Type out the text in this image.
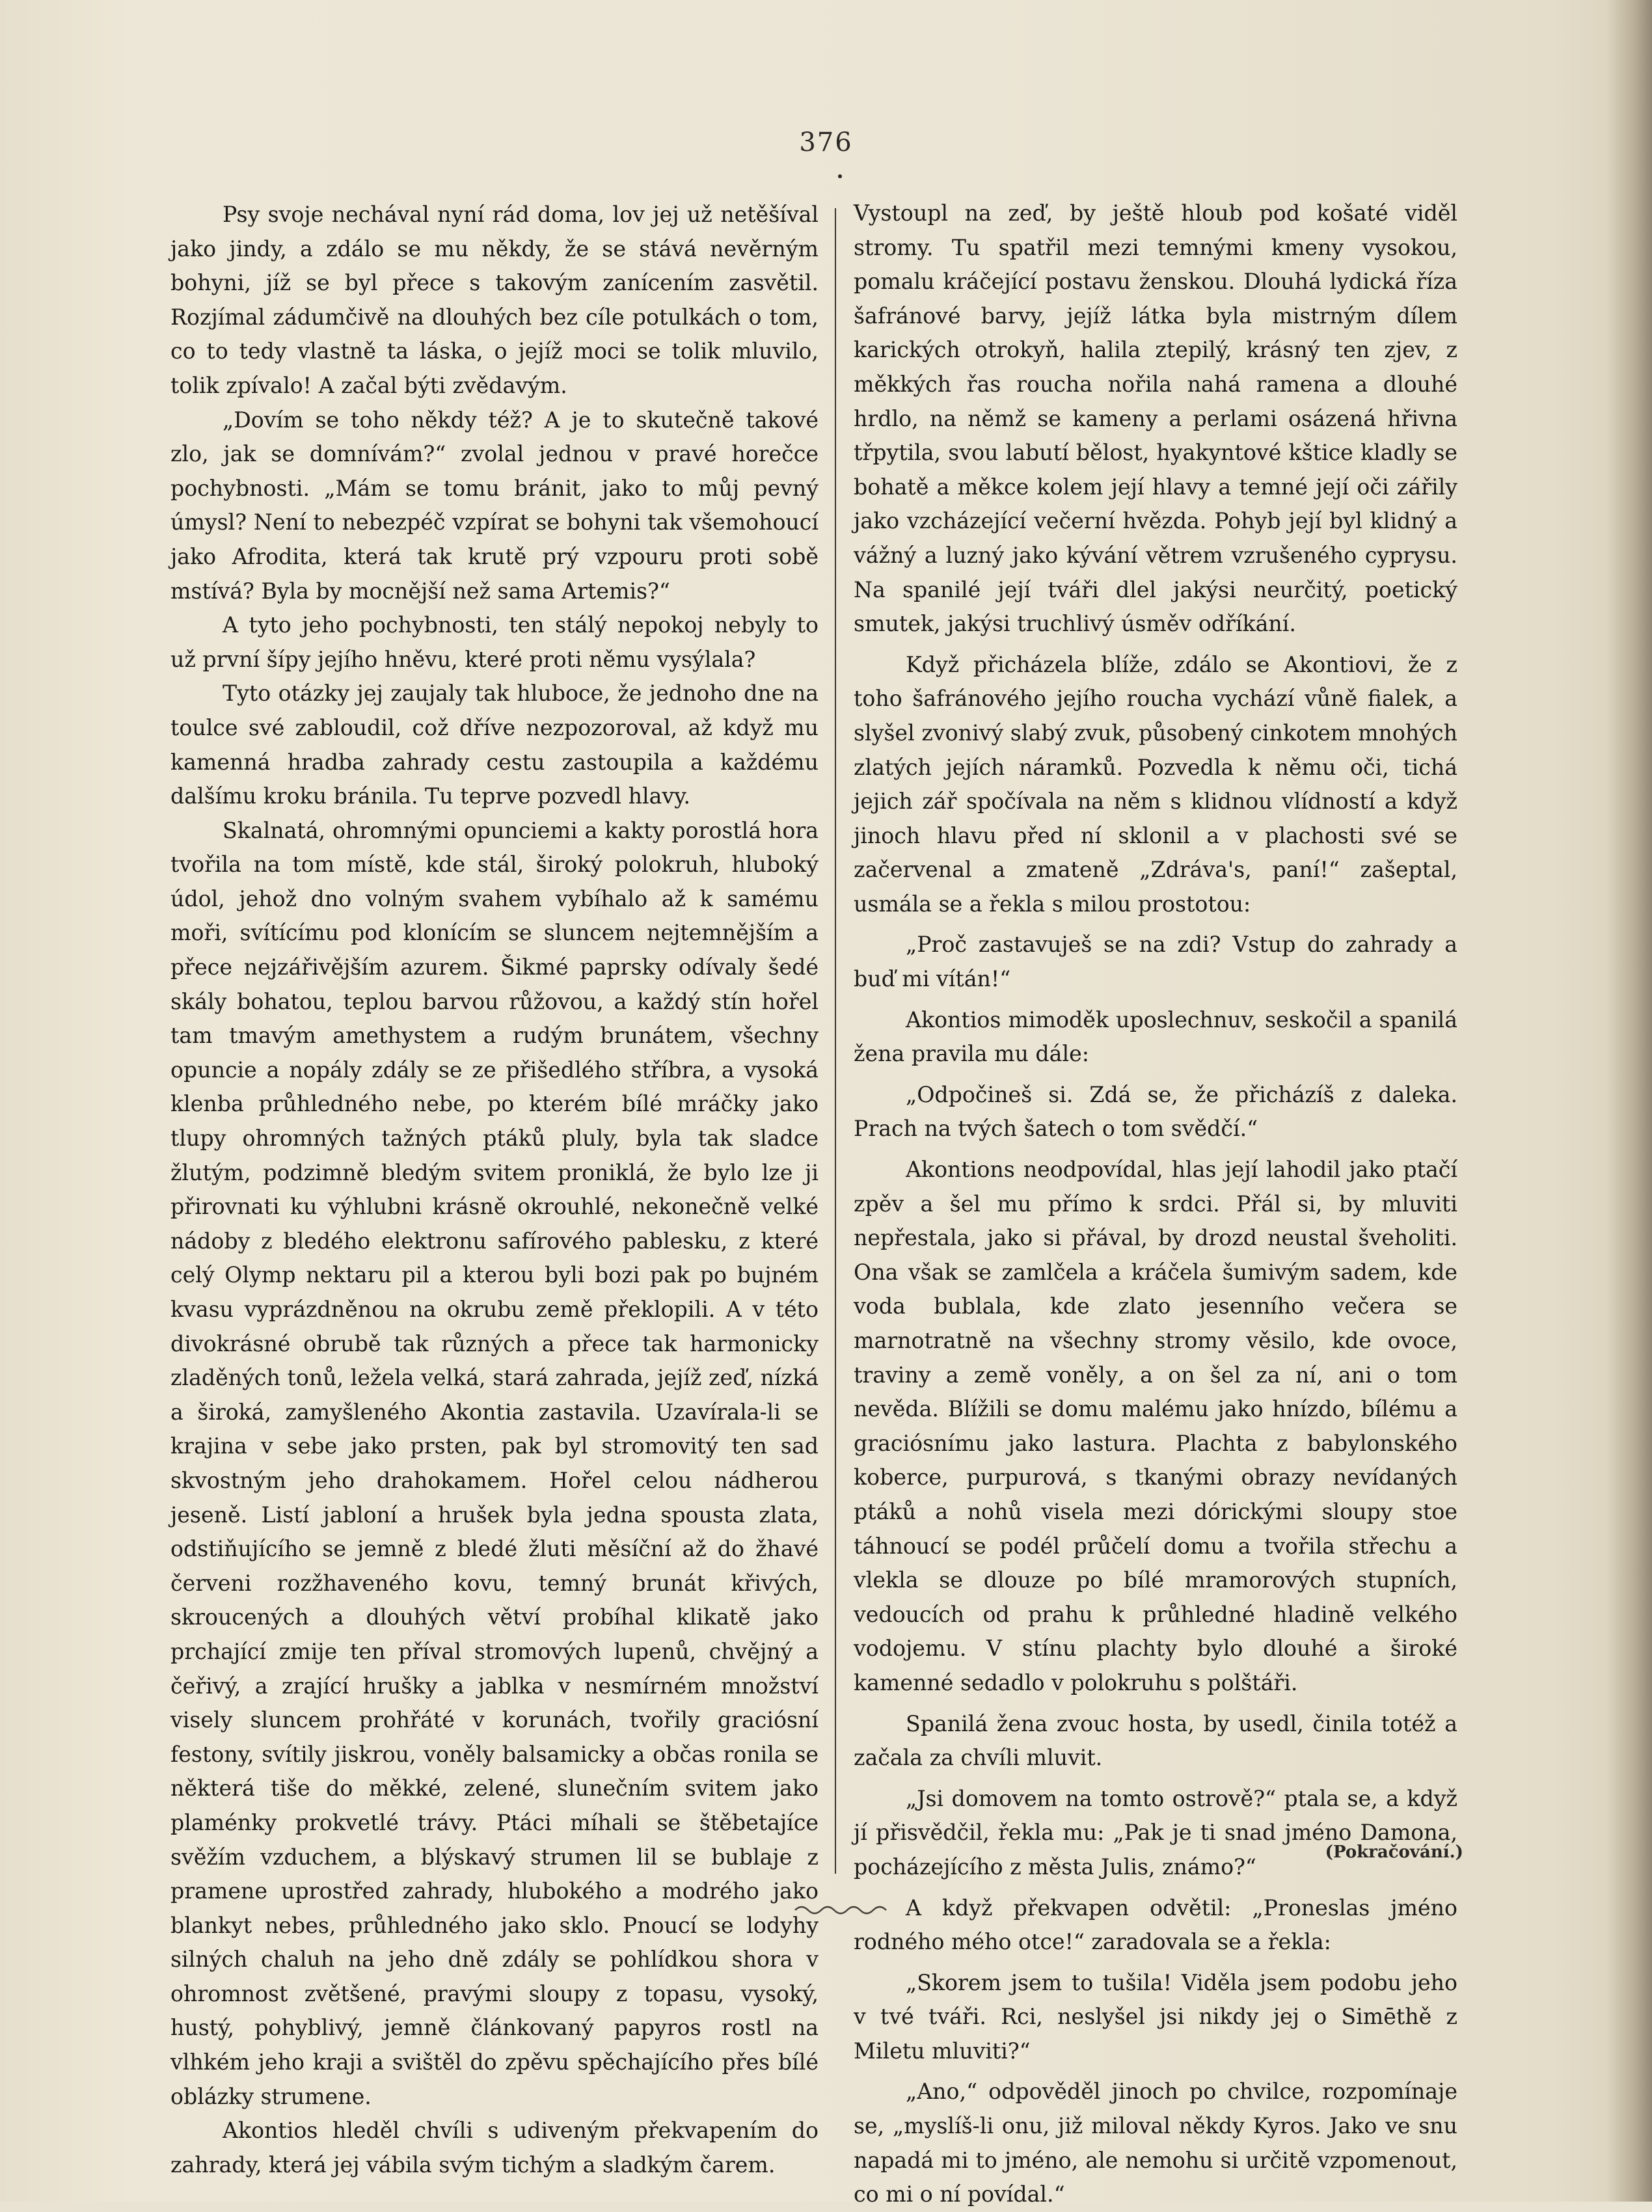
376

Psy svoje nechával nyní rád doma, lov jej už netěšíval jako jindy, a zdálo se mu někdy, že se stává nevěrným bohyni, jíž se byl přece s takovým zanícením zasvětil. Rozjímal zádumčivě na dlouhých bez cíle potulkách o tom, co to tedy vlastně ta láska, o jejíž moci se tolik mluvilo, tolik zpívalo! A začal býti zvědavým.

„Dovím se toho někdy též? A je to skutečně takové zlo, jak se domnívám?“ zvolal jednou v pravé horečce pochybnosti. „Mám se tomu bránit, jako to můj pevný úmysl? Není to nebezpéč vzpírat se bohyni tak všemohoucí jako Afrodita, která tak krutě prý vzpouru proti sobě mstívá? Byla by mocnější než sama Artemis?“

A tyto jeho pochybnosti, ten stálý nepokoj nebyly to už první šípy jejího hněvu, které proti němu vysýlala?

Tyto otázky jej zaujaly tak hluboce, že jednoho dne na toulce své zabloudil, což dříve nezpozoroval, až když mu kamenná hradba zahrady cestu zastoupila a každému dalšímu kroku bránila. Tu teprve pozvedl hlavy.

Skalnatá, ohromnými opunciemi a kakty porostlá hora tvořila na tom místě, kde stál, široký polokruh, hluboký údol, jehož dno volným svahem vybíhalo až k samému moři, svítícímu pod klonícím se sluncem nejtemnějším a přece nejzářivějším azurem. Šikmé paprsky odívaly šedé skály bohatou, teplou barvou růžovou, a každý stín hořel tam tmavým amethystem a rudým brunátem, všechny opuncie a nopály zdály se ze přišedlého stříbra, a vysoká klenba průhledného nebe, po kterém bílé mráčky jako tlupy ohromných tažných ptáků pluly, byla tak sladce žlutým, podzimně bledým svitem proniklá, že bylo lze ji přirovnati ku výhlubni krásně okrouhlé, nekonečně velké nádoby z bledého elektronu safírového pablesku, z které celý Olymp nektaru pil a kterou byli bozi pak po bujném kvasu vyprázdněnou na okrubu země překlopili. A v této divokrásné obrubě tak různých a přece tak harmonicky zladěných tonů, ležela velká, stará zahrada, jejíž zeď, nízká a široká, zamyšleného Akontia zastavila. Uzavírala-li se krajina v sebe jako prsten, pak byl stromovitý ten sad skvostným jeho drahokamem. Hořel celou nádherou jeseně. Listí jabloní a hrušek byla jedna spousta zlata, odstiňujícího se jemně z bledé žluti měsíční až do žhavé červeni rozžhaveného kovu, temný brunát křivých, skroucených a dlouhých větví probíhal klikatě jako prchající zmije ten příval stromových lupenů, chvějný a čeřivý, a zrající hrušky a jablka v nesmírném množství visely sluncem prohřáté v korunách, tvořily graciósní festony, svítily jiskrou, voněly balsamicky a občas ronila se některá tiše do měkké, zelené, slunečním svitem jako plaménky prokvetlé trávy. Ptáci míhali se štěbetajíce svěžím vzduchem, a blýskavý strumen lil se bublaje z pramene uprostřed zahrady, hlubokého a modrého jako blankyt nebes, průhledného jako sklo. Pnoucí se lodyhy silných chaluh na jeho dně zdály se pohlídkou shora v ohromnost zvětšené, pravými sloupy z topasu, vysoký, hustý, pohyblivý, jemně článkovaný papyros rostl na vlhkém jeho kraji a svištěl do zpěvu spěchajícího přes bílé oblázky strumene.

Akontios hleděl chvíli s udiveným překvapením do zahrady, která jej vábila svým tichým a sladkým čarem.

Vystoupl na zeď, by ještě hloub pod košaté viděl stromy. Tu spatřil mezi temnými kmeny vysokou, pomalu kráčející postavu ženskou. Dlouhá lydická říza šafránové barvy, jejíž látka byla mistrným dílem karických otrokyň, halila ztepilý, krásný ten zjev, z měkkých řas roucha nořila nahá ramena a dlouhé hrdlo, na němž se kameny a perlami osázená hřivna třpytila, svou labutí bělost, hyakyntové kštice kladly se bohatě a měkce kolem její hlavy a temné její oči zářily jako vzcházející večerní hvězda. Pohyb její byl klidný a vážný a luzný jako kývání větrem vzrušeného cyprysu. Na spanilé její tváři dlel jakýsi neurčitý, poetický smutek, jakýsi truchlivý úsměv odříkání.

Když přicházela blíže, zdálo se Akontiovi, že z toho šafránového jejího roucha vychází vůně fialek, a slyšel zvonivý slabý zvuk, působený cinkotem mnohých zlatých jejích náramků. Pozvedla k němu oči, tichá jejich zář spočívala na něm s klidnou vlídností a když jinoch hlavu před ní sklonil a v plachosti své se začervenal a zmateně „Zdráva's, paní!“ zašeptal, usmála se a řekla s milou prostotou:

„Proč zastavuješ se na zdi? Vstup do zahrady a buď mi vítán!“

Akontios mimoděk uposlechnuv, seskočil a spanilá žena pravila mu dále:

„Odpočineš si. Zdá se, že přicházíš z daleka. Prach na tvých šatech o tom svědčí.“

Akontions neodpovídal, hlas její lahodil jako ptačí zpěv a šel mu přímo k srdci. Přál si, by mluviti nepřestala, jako si přával, by drozd neustal šveholiti. Ona však se zamlčela a kráčela šumivým sadem, kde voda bublala, kde zlato jesenního večera se marnotratně na všechny stromy věsilo, kde ovoce, traviny a země vonělу, a on šel za ní, ani o tom nevěda. Blížili se domu malému jako hnízdo, bílému a graciósnímu jako lastura. Plachta z babylonského koberce, purpurová, s tkanými obrazy nevídaných ptáků a nohů visela mezi dórickými sloupy stoe táhnoucí se podél průčelí domu a tvořila střechu a vlekla se dlouze po bílé mramorových stupních, vedoucích od prahu k průhledné hladině velkého vodojemu. V stínu plachty bylo dlouhé a široké kamenné sedadlo v polokruhu s polštáři.

Spanilá žena zvouc hosta, by usedl, činila totéž a začala za chvíli mluvit.

„Jsi domovem na tomto ostrově?“ ptala se, a když jí přisvědčil, řekla mu: „Pak je ti snad jméno Damona, pocházejícího z města Julis, známo?“

A když překvapen odvětil: „Proneslas jméno rodného mého otce!“ zaradovala se a řekla:

„Skorem jsem to tušila! Viděla jsem podobu jeho v tvé tváři. Rci, neslyšel jsi nikdy jej o Simēthě z Miletu mluviti?“

„Ano,“ odpověděl jinoch po chvilce, rozpomínaje se, „myslíš-li onu, již miloval někdy Kyros. Jako ve snu napadá mi to jméno, ale nemohu si určitě vzpomenout, co mi o ní povídal.“

(Pokračování.)
